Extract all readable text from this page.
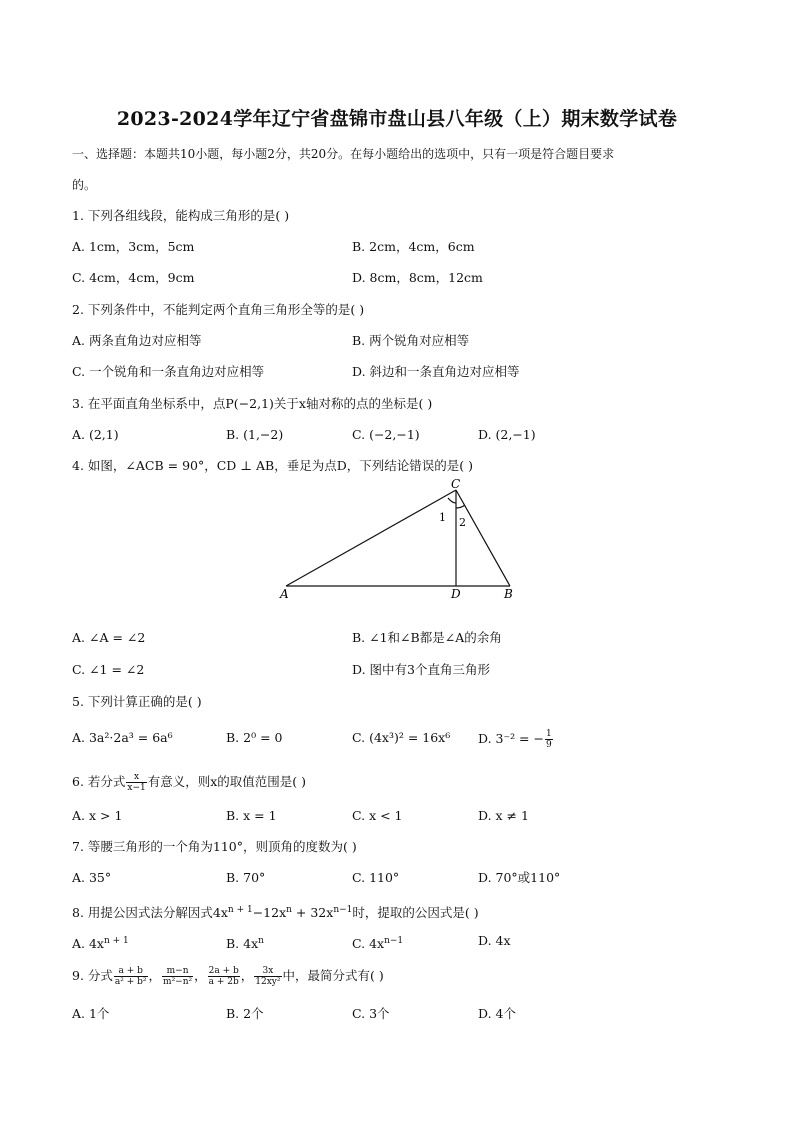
2023-2024学年辽宁省盘锦市盘山县八年级（上）期末数学试卷
一、选择题：本题共10小题，每小题2分，共20分。在每小题给出的选项中，只有一项是符合题目要求
的。
1. 下列各组线段，能构成三角形的是( )
A. 1cm，3cm，5cm	B. 2cm，4cm，6cm
C. 4cm，4cm，9cm	D. 8cm，8cm，12cm
2. 下列条件中，不能判定两个直角三角形全等的是( )
A. 两条直角边对应相等	B. 两个锐角对应相等
C. 一个锐角和一条直角边对应相等	D. 斜边和一条直角边对应相等
3. 在平面直角坐标系中，点P(−2,1)关于x轴对称的点的坐标是( )
A. (2,1)	B. (1,−2)	C. (−2,−1)	D. (2,−1)
4. 如图，∠ACB = 90°，CD ⊥ AB，垂足为点D，下列结论错误的是( )
C
A	D	B
1 2
A. ∠A = ∠2	B. ∠1和∠B都是∠A的余角
C. ∠1 = ∠2	D. 图中有3个直角三角形
5. 下列计算正确的是( )
A. 3a²·2a³ = 6a⁶	B. 2⁰ = 0	C. (4x³)² = 16x⁶ D. 3⁻² = − $\frac{1}{9}$
6. 若分式 $\frac{x}{x-1}$ 有意义，则x的取值范围是( )
A. x > 1	B. x = 1	C. x < 1	D. x ≠ 1
7. 等腰三角形的一个角为110°，则顶角的度数为( )
A. 35°	B. 70°	C. 110°	D. 70°或110°
8. 用提公因式法分解因式$4x^{n + 1}-12x^n + 32x^{n-1}$时，提取的公因式是( )
A. $4x^{n + 1}$	B. $4x^n$	C. $4x^{n-1}$	D. 4x
9. 分式 $\frac{a + b}{\text{a² + b²}}$ ， $\frac{m-n}{\text{m²−n²}}$ ， $\frac{2a + b}{a + 2b}$ ， $\frac{3x}{\text{12xy²}}$ 中，最简分式有( )
A. 1个	B. 2个	C. 3个	D. 4个
